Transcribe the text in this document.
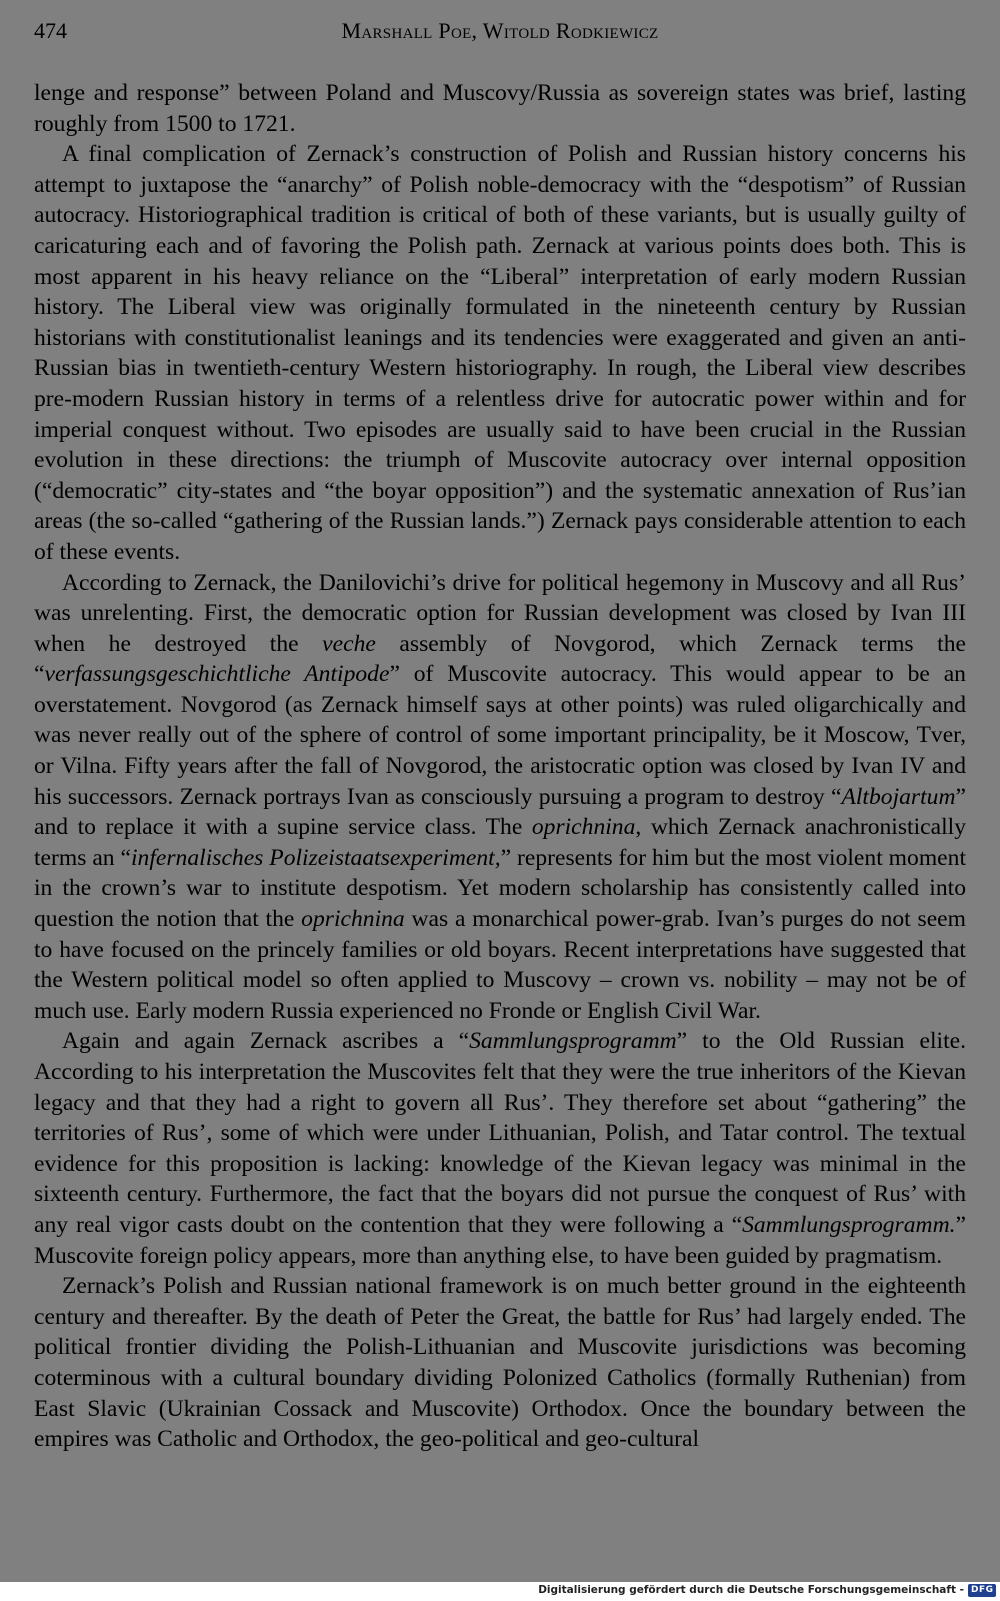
474	Marshall Poe, Witold Rodkiewicz

lenge and response” between Poland and Muscovy/Russia as sovereign states was brief, lasting roughly from 1500 to 1721.

A final complication of Zernack’s construction of Polish and Russian history concerns his attempt to juxtapose the “anarchy” of Polish noble-democracy with the “despotism” of Russian autocracy. Historiographical tradition is critical of both of these variants, but is usually guilty of caricaturing each and of favoring the Polish path. Zernack at various points does both. This is most apparent in his heavy reliance on the “Liberal” interpretation of early modern Russian history. The Liberal view was originally formulated in the nineteenth century by Russian historians with constitutionalist leanings and its tendencies were exaggerated and given an anti-Russian bias in twentieth-century Western historiography. In rough, the Liberal view describes pre-modern Russian history in terms of a relentless drive for autocratic power within and for imperial conquest without. Two episodes are usually said to have been crucial in the Russian evolution in these directions: the triumph of Muscovite autocracy over internal opposition (“democratic” city-states and “the boyar opposition”) and the systematic annexation of Rus’ian areas (the so-called “gathering of the Russian lands.”) Zernack pays considerable attention to each of these events.

According to Zernack, the Danilovichi’s drive for political hegemony in Muscovy and all Rus’ was unrelenting. First, the democratic option for Russian development was closed by Ivan III when he destroyed the veche assembly of Novgorod, which Zernack terms the “verfassungsgeschichtliche Antipode” of Muscovite autocracy. This would appear to be an overstatement. Novgorod (as Zernack himself says at other points) was ruled oligarchically and was never really out of the sphere of control of some important principality, be it Moscow, Tver, or Vilna. Fifty years after the fall of Novgorod, the aristocratic option was closed by Ivan IV and his successors. Zernack portrays Ivan as consciously pursuing a program to destroy “Altbojartum” and to replace it with a supine service class. The oprichnina, which Zernack anachronistically terms an “infernalisches Polizeistaatsexperiment,” represents for him but the most violent moment in the crown’s war to institute despotism. Yet modern scholarship has consistently called into question the notion that the oprichnina was a monarchical power-grab. Ivan’s purges do not seem to have focused on the princely families or old boyars. Recent interpretations have suggested that the Western political model so often applied to Muscovy – crown vs. nobility – may not be of much use. Early modern Russia experienced no Fronde or English Civil War.

Again and again Zernack ascribes a “Sammlungsprogramm” to the Old Russian elite. According to his interpretation the Muscovites felt that they were the true inheritors of the Kievan legacy and that they had a right to govern all Rus’. They therefore set about “gathering” the territories of Rus’, some of which were under Lithuanian, Polish, and Tatar control. The textual evidence for this proposition is lacking: knowledge of the Kievan legacy was minimal in the sixteenth century. Furthermore, the fact that the boyars did not pursue the conquest of Rus’ with any real vigor casts doubt on the contention that they were following a “Sammlungsprogramm.” Muscovite foreign policy appears, more than anything else, to have been guided by pragmatism.

Zernack’s Polish and Russian national framework is on much better ground in the eighteenth century and thereafter. By the death of Peter the Great, the battle for Rus’ had largely ended. The political frontier dividing the Polish-Lithuanian and Muscovite jurisdictions was becoming coterminous with a cultural boundary dividing Polonized Catholics (formally Ruthenian) from East Slavic (Ukrainian Cossack and Muscovite) Orthodox. Once the boundary between the empires was Catholic and Orthodox, the geo-political and geo-cultural

Digitalisierung gefördert durch die Deutsche Forschungsgemeinschaft - DFG
